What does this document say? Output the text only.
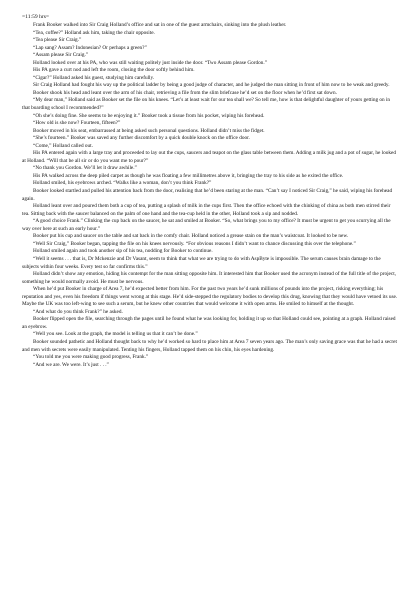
=11:59 hrs=

Frank Booker walked into Sir Craig Holland’s office and sat in one of the guest armchairs, sinking into the plush leather.

“Tea, coffee?” Holland ask him, taking the chair opposite.

“Tea please Sir Craig.”

“Lap sang? Assam? Indonesian? Or perhaps a green?”

“Assam please Sir Craig.”

Holland looked over at his PA, who was still waiting politely just inside the door. “Two Assam please Gordon.”

His PA gave a curt nod and left the room, closing the door softly behind him.

“Cigar?” Holland asked his guest, studying him carefully.

Sir Craig Holland had fought his way up the political ladder by being a good judge of character, and he judged the man sitting in front of him now to be weak and greedy.

Booker shook his head and leant over the arm of his chair, retrieving a file from the slim briefcase he’d set on the floor when he’d first sat down.

“My dear man,” Holland said as Booker set the file on his knees. “Let’s at least wait for our tea shall we? So tell me, how is that delightful daughter of yours getting on in that boarding school I recommended?”

“Oh she’s doing fine. She seems to be enjoying it.” Booker took a tissue from his pocket, wiping his forehead.

“How old is she now? Fourteen, fifteen?”

Booker moved in his seat, embarrassed at being asked such personal questions. Holland didn’t miss the fidget.

“She’s fourteen.” Booker was saved any further discomfort by a quick double knock on the office door.

“Come,” Holland called out.

His PA entered again with a large tray and proceeded to lay out the cups, saucers and teapot on the glass table between them. Adding a milk jug and a pot of sugar, he looked at Holland. “Will that be all sir or do you want me to pour?”

“No thank you Gordon. We’ll let it draw awhile.”

His PA walked across the deep piled carpet as though he was floating a few millimetres above it, bringing the tray to his side as he exited the office.

Holland smiled, his eyebrows arched. “Walks like a woman, don’t you think Frank?”

Booker looked startled and pulled his attention back from the door, realising that he’d been staring at the man. “Can’t say I noticed Sir Craig,” he said, wiping his forehead again.

Holland leant over and poured them both a cup of tea, putting a splash of milk in the cups first. Then the office echoed with the chinking of china as both men stirred their tea. Sitting back with the saucer balanced on the palm of one hand and the tea-cup held in the other, Holland took a sip and nodded.

“A good choice Frank.” Clinking the cup back on the saucer, he sat and smiled at Booker. “So, what brings you to my office? It must be urgent to get you scurrying all the way over here at such an early hour.”

Booker put his cup and saucer on the table and sat back in the comfy chair. Holland noticed a grease stain on the man’s waistcoat. It looked to be new.

“Well Sir Craig,” Booker began, tapping the file on his knees nervously. “For obvious reasons I didn’t want to chance discussing this over the telephone.”

Holland smiled again and took another sip of his tea, nodding for Booker to continue.

“Well it seems . . . that is, Dr Mckenzie and Dr Vasant, seem to think that what we are trying to do with AspByte is impossible. The serum causes brain damage to the subjects within four weeks. Every test so far confirms this.”

Holland didn’t show any emotion, hiding his contempt for the man sitting opposite him. It interested him that Booker used the acronym instead of the full title of the project, something he would normally avoid. He must be nervous.

When he’d put Booker in charge of Area 7, he’d expected better from him. For the past two years he’d sunk millions of pounds into the project, risking everything; his reputation and yes, even his freedom if things went wrong at this stage. He’d side-stepped the regulatory bodies to develop this drug, knowing that they would have vetoed its use. Maybe the UK was too left-wing to see such a serum, but he knew other countries that would welcome it with open arms. He smiled to himself at the thought.

“And what do you think Frank?” he asked.

Booker flipped open the file, searching through the pages until he found what he was looking for, holding it up so that Holland could see, pointing at a graph. Holland raised an eyebrow.

“Well you see. Look at the graph, the model is telling us that it can’t be done.”

Booker sounded pathetic and Holland thought back to why he’d worked so hard to place him at Area 7 seven years ago. The man’s only saving grace was that he had a secret and men with secrets were easily manipulated. Tenting his fingers, Holland tapped them on his chin, his eyes hardening.

“You told me you were making good progress, Frank.”

“And we are. We were. It’s just . . .”
